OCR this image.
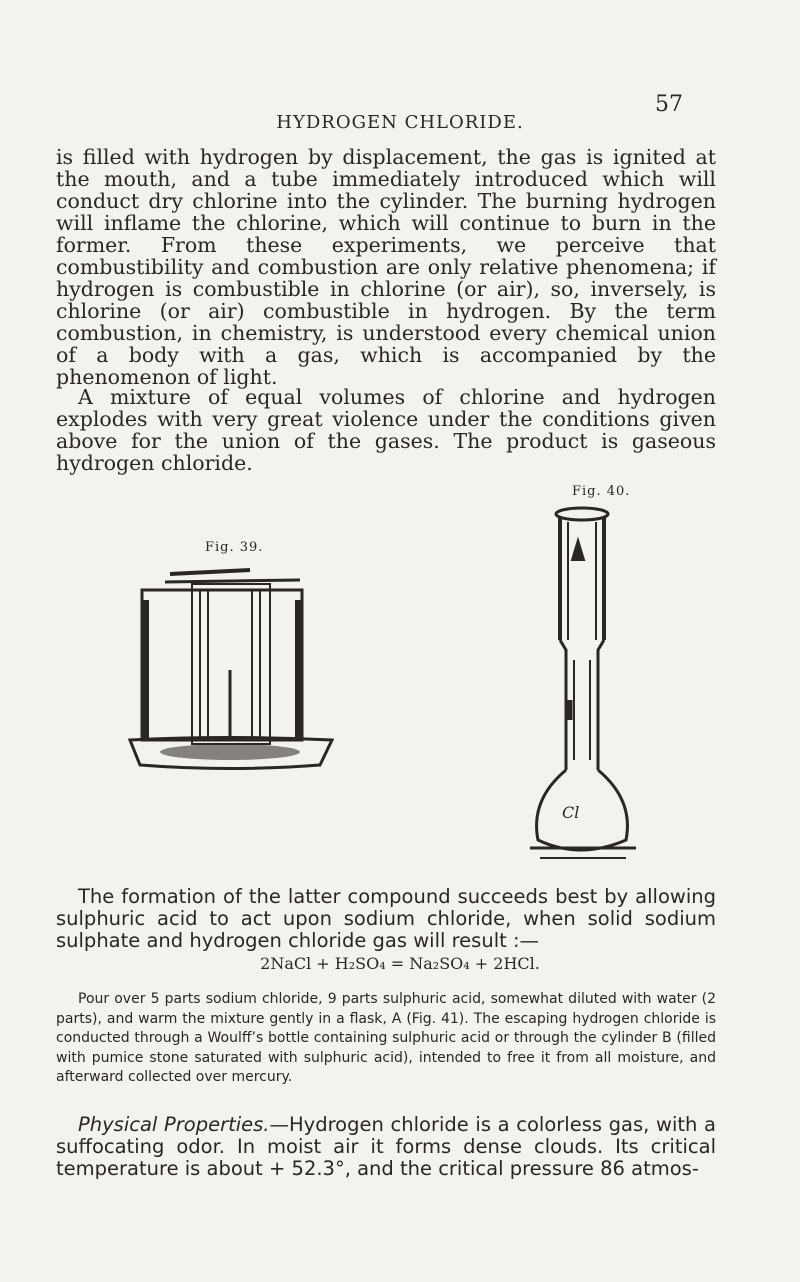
HYDROGEN CHLORIDE.
57

is filled with hydrogen by displacement, the gas is ignited at the mouth, and a tube immediately introduced which will conduct dry chlorine into the cylinder. The burning hydrogen will inflame the chlorine, which will continue to burn in the former. From these experiments, we perceive that combustibility and combustion are only relative phenomena; if hydrogen is combustible in chlorine (or air), so, inversely, is chlorine (or air) combustible in hydrogen. By the term combustion, in chemistry, is understood every chemical union of a body with a gas, which is accompanied by the phenomenon of light.

A mixture of equal volumes of chlorine and hydrogen explodes with very great violence under the conditions given above for the union of the gases. The product is gaseous hydrogen chloride.

Fig. 40.
Fig. 39.
Cl

The formation of the latter compound succeeds best by allowing sulphuric acid to act upon sodium chloride, when solid sodium sulphate and hydrogen chloride gas will result :—

2NaCl + H₂SO₄ = Na₂SO₄ + 2HCl.

Pour over 5 parts sodium chloride, 9 parts sulphuric acid, somewhat diluted with water (2 parts), and warm the mixture gently in a flask, A (Fig. 41). The escaping hydrogen chloride is conducted through a Woulff’s bottle containing sulphuric acid or through the cylinder B (filled with pumice stone saturated with sulphuric acid), intended to free it from all moisture, and afterward collected over mercury.

Physical Properties.—Hydrogen chloride is a colorless gas, with a suffocating odor. In moist air it forms dense clouds. Its critical temperature is about + 52.3°, and the critical pressure 86 atmos-
